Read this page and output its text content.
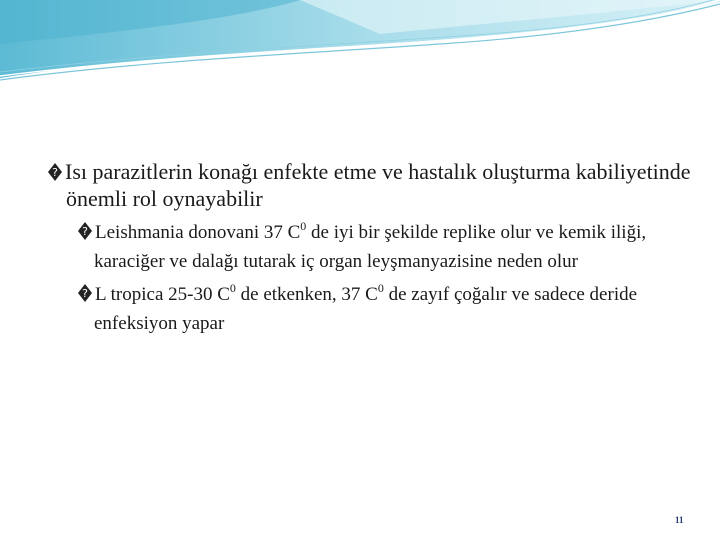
? Isı parazitlerin konağı enfekte etme ve hastalık oluşturma kabiliyetinde önemli rol oynayabilir

? Leishmania donovani 37 $C^0$ de iyi bir şekilde replike olur ve kemik iliği, karaciğer ve dalağı tutarak iç organ leyşmanyazisine neden olur

? L tropica 25-30 $C^0$ de etkenken, 37 $C^0$ de zayıf çoğalır ve sadece deride enfeksiyon yapar

11
